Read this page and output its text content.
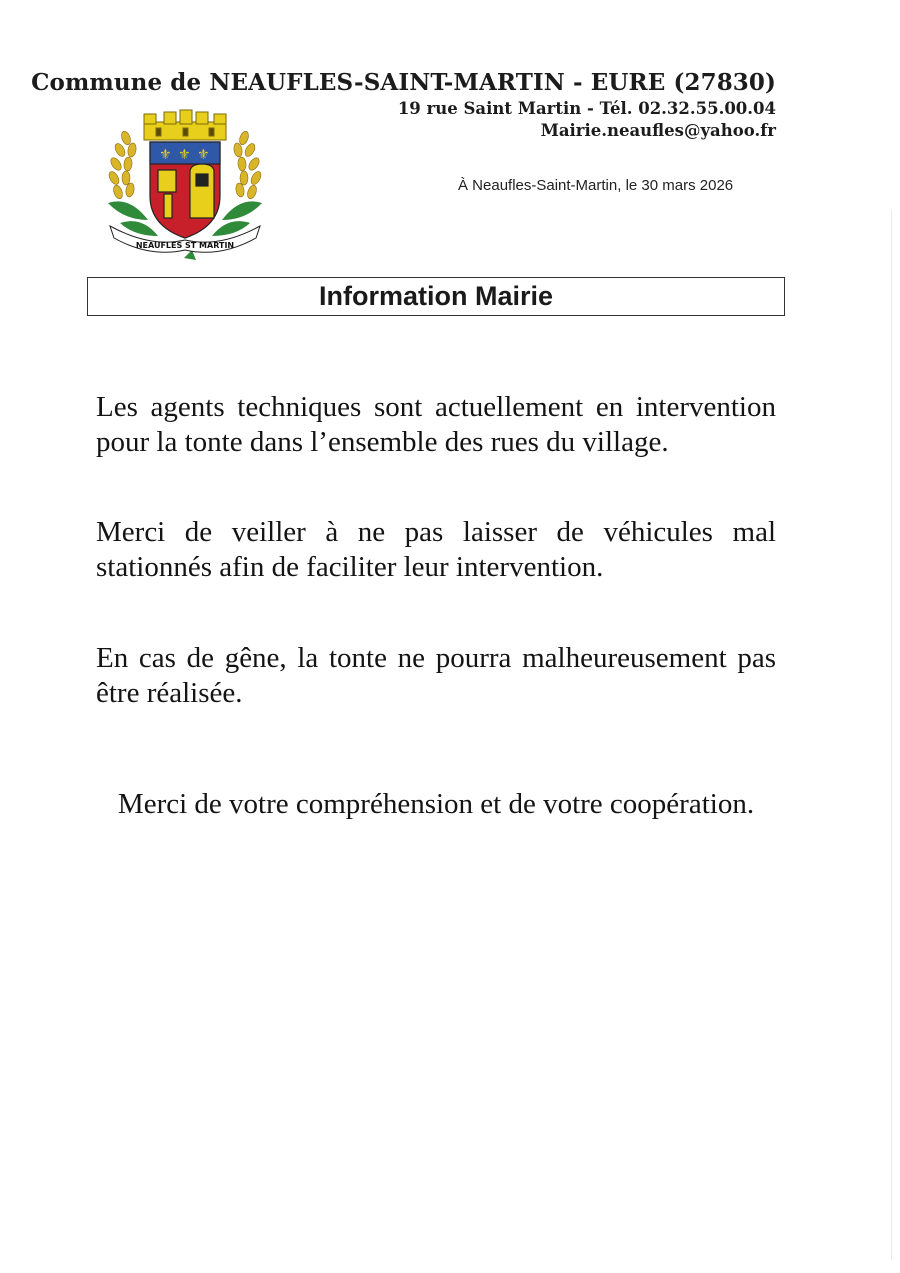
Commune de NEAUFLES-SAINT-MARTIN - EURE (27830)
19 rue Saint Martin - Tél. 02.32.55.00.04
Mairie.neaufles@yahoo.fr
⚜ ⚜ ⚜
NEAUFLES ST MARTIN
À Neaufles-Saint-Martin, le 30 mars 2026
Information Mairie

Les agents techniques sont actuellement en intervention pour la tonte dans l’ensemble des rues du village.

Merci de veiller à ne pas laisser de véhicules mal stationnés afin de faciliter leur intervention.

En cas de gêne, la tonte ne pourra malheureusement pas être réalisée.

Merci de votre compréhension et de votre coopération.
